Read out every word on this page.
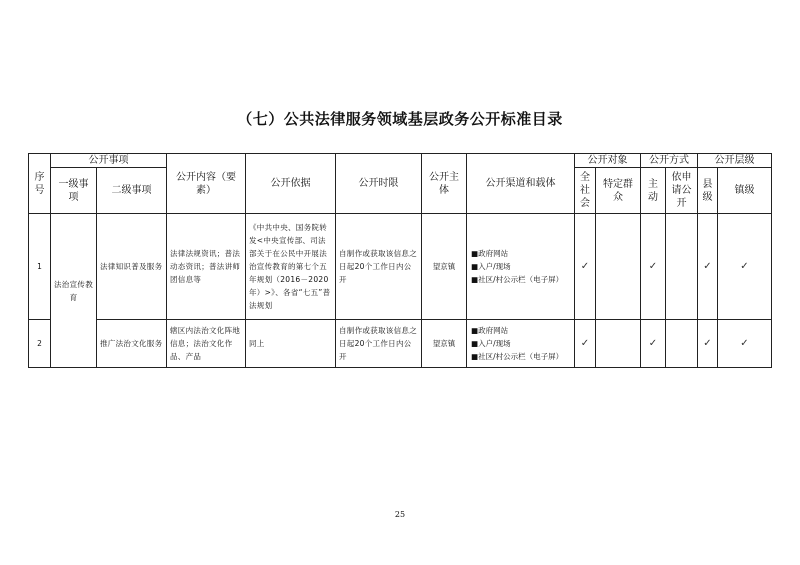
（七）公共法律服务领域基层政务公开标准目录
序号	公开事项		公开内容（要素）	公开依据	公开时限	公开主体	公开渠道和载体	公开对象		公开方式		公开层级	
	一级事项	二级事项						全社会	特定群众	主动	依申请公开	县级	镇级
1	法治宣传教育	法律知识普及服务	法律法规资讯；普法动态资讯；普法讲师团信息等	《中共中央、国务院转发<中央宣传部、司法部关于在公民中开展法治宣传教育的第七个五年规划（2016－2020年）>》、各省“七五”普法规划	自制作或获取该信息之日起20个工作日内公开	望京镇	■政府网站
■入户/现场
■社区/村公示栏（电子屏）	✓		✓		✓	✓
2		推广法治文化服务	辖区内法治文化阵地信息；法治文化作品、产品	同上	自制作或获取该信息之日起20个工作日内公开	望京镇	■政府网站
■入户/现场
■社区/村公示栏（电子屏）	✓		✓		✓	✓
25
